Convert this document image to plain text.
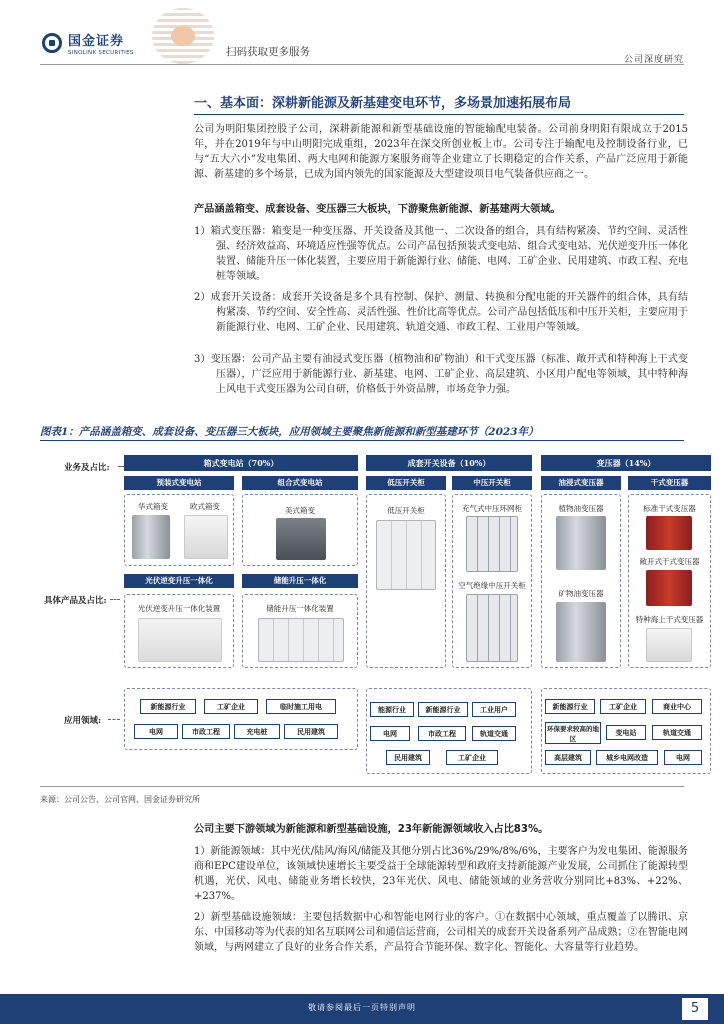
国金证券
SINOLINK SECURITIES	扫码获取更多服务
公司深度研究
一、基本面：深耕新能源及新基建变电环节，多场景加速拓展布局
公司为明阳集团控股子公司，深耕新能源和新型基础设施的智能输配电装备。公司前身明阳有限成立于2015年，并在2019年与中山明阳完成重组，2023年在深交所创业板上市。公司专注于输配电及控制设备行业，已与“五大六小”发电集团、两大电网和能源方案服务商等企业建立了长期稳定的合作关系，产品广泛应用于新能源、新基建的多个场景，已成为国内领先的国家能源及大型建设项目电气装备供应商之一。
产品涵盖箱变、成套设备、变压器三大板块，下游聚焦新能源、新基建两大领域。
1）箱式变压器：箱变是一种变压器、开关设备及其他一、二次设备的组合，具有结构紧凑、节约空间、灵活性强、经济效益高、环境适应性强等优点。公司产品包括预装式变电站、组合式变电站、光伏逆变升压一体化装置、储能升压一体化装置，主要应用于新能源行业、储能、电网、工矿企业、民用建筑、市政工程、充电桩等领域。
2）成套开关设备：成套开关设备是多个具有控制、保护、测量、转换和分配电能的开关器件的组合体，具有结构紧凑、节约空间、安全性高、灵活性强、性价比高等优点。公司产品包括低压和中压开关柜，主要应用于新能源行业、电网、工矿企业、民用建筑、轨道交通、市政工程、工业用户等领域。
3）变压器：公司产品主要有油浸式变压器（植物油和矿物油）和干式变压器（标准、敞开式和特种海上干式变压器），广泛应用于新能源行业、新基建、电网、工矿企业、高层建筑、小区用户配电等领域，其中特种海上风电干式变压器为公司自研，价格低于外资品牌，市场竞争力强。
图表1：产品涵盖箱变、成套设备、变压器三大板块，应用领域主要聚焦新能源和新型基建环节（2023年）
业务及占比:
具体产品及占比:
应用领域:
箱式变电站（70%）	成套开关设备（10%）	变压器（14%）
预装式变电站	组合式变电站	低压开关柜	中压开关柜	油浸式变压器	干式变压器
华式箱变	欧式箱变	美式箱变
光伏逆变升压一体化	储能升压一体化
光伏逆变升压一体化装置	储能升压一体化装置
低压开关柜	充气式中压环网柜
空气绝缘中压开关柜
植物油变压器
矿物油变压器
标准干式变压器
敞开式干式变压器
特种海上干式变压器
新能源行业	工矿企业	临时施工用电
电网	市政工程	充电桩	民用建筑
能源行业	新能源行业	工业用户
电网	市政工程	轨道交通
民用建筑	工矿企业
新能源行业	工矿企业	商业中心
环保要求较高的地区
变电站	轨道交通
高层建筑	城乡电网改造	电网
来源：公司公告、公司官网、国金证券研究所
公司主要下游领域为新能源和新型基础设施，23年新能源领域收入占比83%。
1）新能源领域：其中光伏/陆风/海风/储能及其他分别占比36%/29%/8%/6%，主要客户为发电集团、能源服务商和EPC建设单位，该领域快速增长主要受益于全球能源转型和政府支持新能源产业发展，公司抓住了能源转型机遇，光伏、风电、储能业务增长较快，23年光伏、风电、储能领域的业务营收分别同比+83%、+22%、+237%。
2）新型基础设施领域：主要包括数据中心和智能电网行业的客户。①在数据中心领域，重点覆盖了以腾讯、京东、中国移动等为代表的知名互联网公司和通信运营商，公司相关的成套开关设备系列产品成熟；②在智能电网领域，与两网建立了良好的业务合作关系，产品符合节能环保、数字化、智能化、大容量等行业趋势。
敬请参阅最后一页特别声明	5
